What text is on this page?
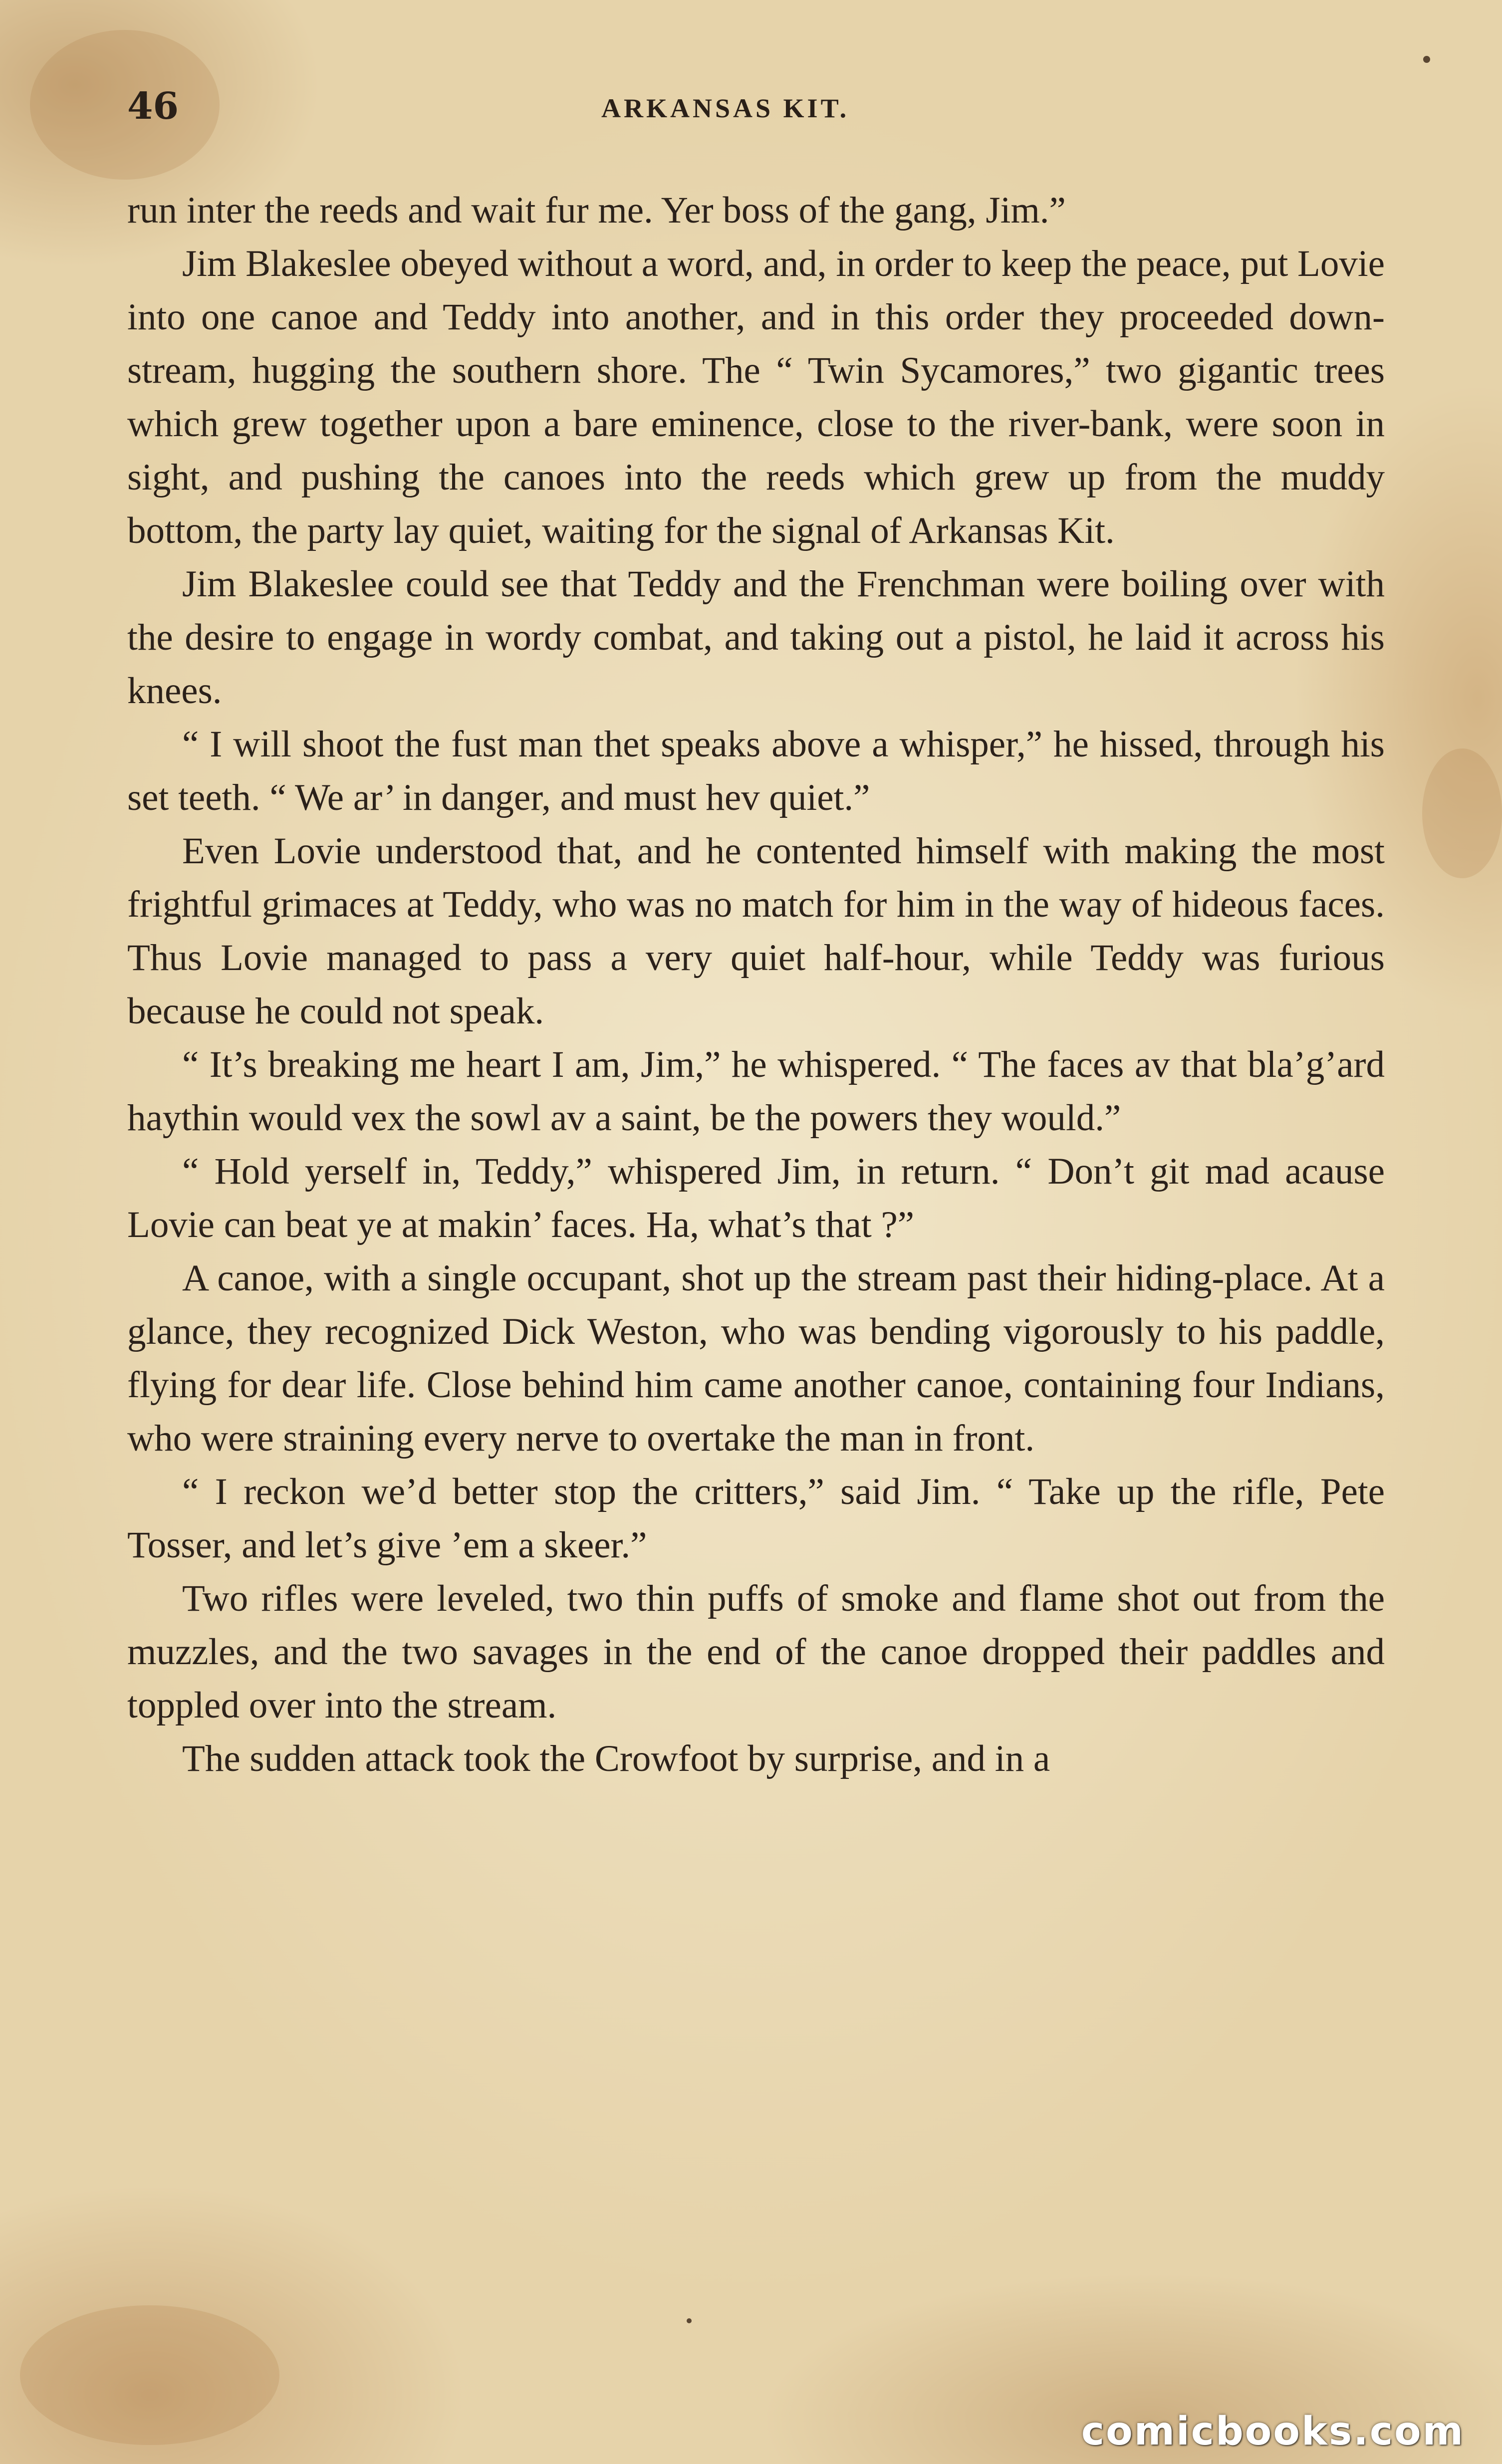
46	ARKANSAS KIT.

run inter the reeds and wait fur me. Yer boss of the gang, Jim.”

Jim Blakeslee obeyed without a word, and, in order to keep the peace, put Lovie into one canoe and Teddy into another, and in this order they proceeded down-stream, hugging the southern shore. The “ Twin Sycamores,” two gigantic trees which grew together upon a bare eminence, close to the river-bank, were soon in sight, and pushing the canoes into the reeds which grew up from the muddy bottom, the party lay quiet, waiting for the signal of Arkansas Kit.

Jim Blakeslee could see that Teddy and the Frenchman were boiling over with the desire to engage in wordy combat, and taking out a pistol, he laid it across his knees.

“ I will shoot the fust man thet speaks above a whisper,” he hissed, through his set teeth. “ We ar’ in danger, and must hev quiet.”

Even Lovie understood that, and he contented himself with making the most frightful grimaces at Teddy, who was no match for him in the way of hideous faces. Thus Lovie managed to pass a very quiet half-hour, while Teddy was furious because he could not speak.

“ It’s breaking me heart I am, Jim,” he whispered. “ The faces av that bla’g’ard haythin would vex the sowl av a saint, be the powers they would.”

“ Hold yerself in, Teddy,” whispered Jim, in return. “ Don’t git mad acause Lovie can beat ye at makin’ faces. Ha, what’s that ?”

A canoe, with a single occupant, shot up the stream past their hiding-place. At a glance, they recognized Dick Weston, who was bending vigorously to his paddle, flying for dear life. Close behind him came another canoe, containing four Indians, who were straining every nerve to overtake the man in front.

“ I reckon we’d better stop the critters,” said Jim. “ Take up the rifle, Pete Tosser, and let’s give ’em a skeer.”

Two rifles were leveled, two thin puffs of smoke and flame shot out from the muzzles, and the two savages in the end of the canoe dropped their paddles and toppled over into the stream.

The sudden attack took the Crowfoot by surprise, and in a

comicbooks.com
